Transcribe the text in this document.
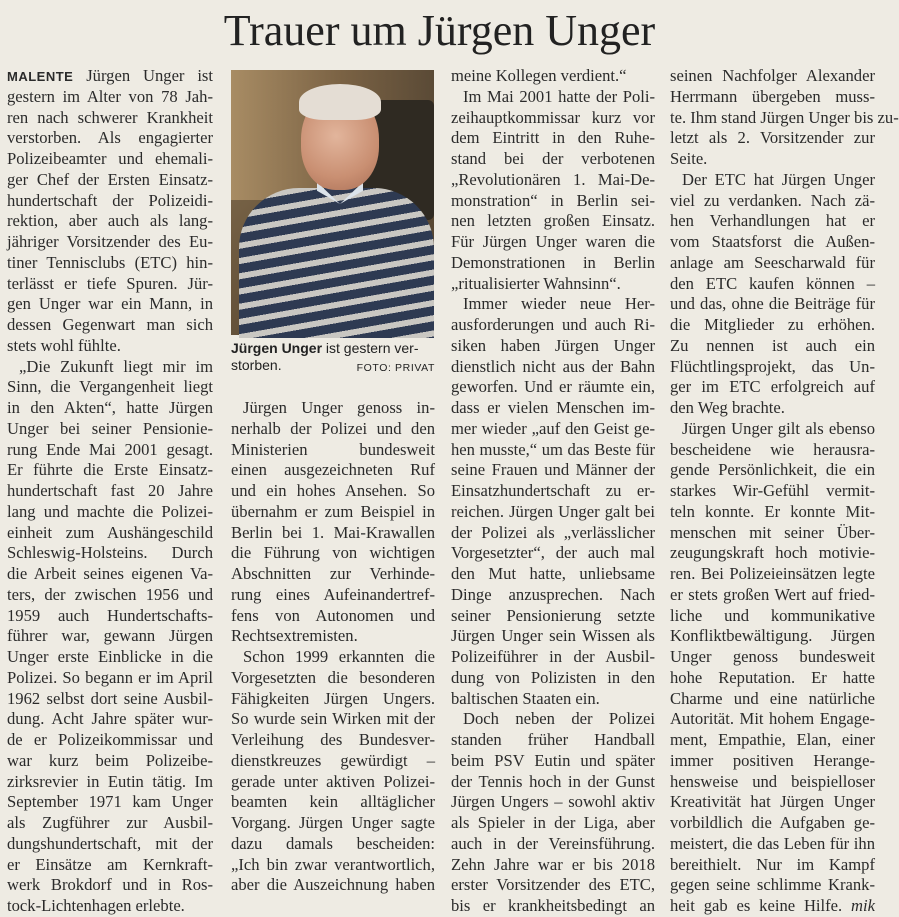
Trauer um Jürgen Unger
MALENTE Jürgen Unger ist
gestern im Alter von 78 Jah-
ren nach schwerer Krankheit
verstorben. Als engagierter
Polizeibeamter und ehemali-
ger Chef der Ersten Einsatz-
hundertschaft der Polizeidi-
rektion, aber auch als lang-
jähriger Vorsitzender des Eu-
tiner Tennisclubs (ETC) hin-
terlässt er tiefe Spuren. Jür-
gen Unger war ein Mann, in
dessen Gegenwart man sich
stets wohl fühlte.
„Die Zukunft liegt mir im
Sinn, die Vergangenheit liegt
in den Akten“, hatte Jürgen
Unger bei seiner Pensionie-
rung Ende Mai 2001 gesagt.
Er führte die Erste Einsatz-
hundertschaft fast 20 Jahre
lang und machte die Polizei-
einheit zum Aushängeschild
Schleswig-Holsteins. Durch
die Arbeit seines eigenen Va-
ters, der zwischen 1956 und
1959 auch Hundertschafts-
führer war, gewann Jürgen
Unger erste Einblicke in die
Polizei. So begann er im April
1962 selbst dort seine Ausbil-
dung. Acht Jahre später wur-
de er Polizeikommissar und
war kurz beim Polizeibe-
zirksrevier in Eutin tätig. Im
September 1971 kam Unger
als Zugführer zur Ausbil-
dungshundertschaft, mit der
er Einsätze am Kernkraft-
werk Brokdorf und in Ros-
tock-Lichtenhagen erlebte.
Jürgen Unger ist gestern ver-
storben.	FOTO: PRIVAT
Jürgen Unger genoss in-
nerhalb der Polizei und den
Ministerien bundesweit
einen ausgezeichneten Ruf
und ein hohes Ansehen. So
übernahm er zum Beispiel in
Berlin bei 1. Mai-Krawallen
die Führung von wichtigen
Abschnitten zur Verhinde-
rung eines Aufeinandertref-
fens von Autonomen und
Rechtsextremisten.
Schon 1999 erkannten die
Vorgesetzten die besonderen
Fähigkeiten Jürgen Ungers.
So wurde sein Wirken mit der
Verleihung des Bundesver-
dienstkreuzes gewürdigt –
gerade unter aktiven Polizei-
beamten kein alltäglicher
Vorgang. Jürgen Unger sagte
dazu damals bescheiden:
„Ich bin zwar verantwortlich,
aber die Auszeichnung haben
meine Kollegen verdient.“
Im Mai 2001 hatte der Poli-
zeihauptkommissar kurz vor
dem Eintritt in den Ruhe-
stand bei der verbotenen
„Revolutionären 1. Mai-De-
monstration“ in Berlin sei-
nen letzten großen Einsatz.
Für Jürgen Unger waren die
Demonstrationen in Berlin
„ritualisierter Wahnsinn“.
Immer wieder neue Her-
ausforderungen und auch Ri-
siken haben Jürgen Unger
dienstlich nicht aus der Bahn
geworfen. Und er räumte ein,
dass er vielen Menschen im-
mer wieder „auf den Geist ge-
hen musste,“ um das Beste für
seine Frauen und Männer der
Einsatzhundertschaft zu er-
reichen. Jürgen Unger galt bei
der Polizei als „verlässlicher
Vorgesetzter“, der auch mal
den Mut hatte, unliebsame
Dinge anzusprechen. Nach
seiner Pensionierung setzte
Jürgen Unger sein Wissen als
Polizeiführer in der Ausbil-
dung von Polizisten in den
baltischen Staaten ein.
Doch neben der Polizei
standen früher Handball
beim PSV Eutin und später
der Tennis hoch in der Gunst
Jürgen Ungers – sowohl aktiv
als Spieler in der Liga, aber
auch in der Vereinsführung.
Zehn Jahre war er bis 2018
erster Vorsitzender des ETC,
bis er krankheitsbedingt an
seinen Nachfolger Alexander
Herrmann übergeben muss-
te. Ihm stand Jürgen Unger bis zu-
letzt als 2. Vorsitzender zur
Seite.
Der ETC hat Jürgen Unger
viel zu verdanken. Nach zä-
hen Verhandlungen hat er
vom Staatsforst die Außen-
anlage am Seescharwald für
den ETC kaufen können –
und das, ohne die Beiträge für
die Mitglieder zu erhöhen.
Zu nennen ist auch ein
Flüchtlingsprojekt, das Un-
ger im ETC erfolgreich auf
den Weg brachte.
Jürgen Unger gilt als ebenso
bescheidene wie herausra-
gende Persönlichkeit, die ein
starkes Wir-Gefühl vermit-
teln konnte. Er konnte Mit-
menschen mit seiner Über-
zeugungskraft hoch motivie-
ren. Bei Polizeieinsätzen legte
er stets großen Wert auf fried-
liche und kommunikative
Konfliktbewältigung. Jürgen
Unger genoss bundesweit
hohe Reputation. Er hatte
Charme und eine natürliche
Autorität. Mit hohem Engage-
ment, Empathie, Elan, einer
immer positiven Herange-
hensweise und beispielloser
Kreativität hat Jürgen Unger
vorbildlich die Aufgaben ge-
meistert, die das Leben für ihn
bereithielt. Nur im Kampf
gegen seine schlimme Krank-
heit gab es keine Hilfe. mik
